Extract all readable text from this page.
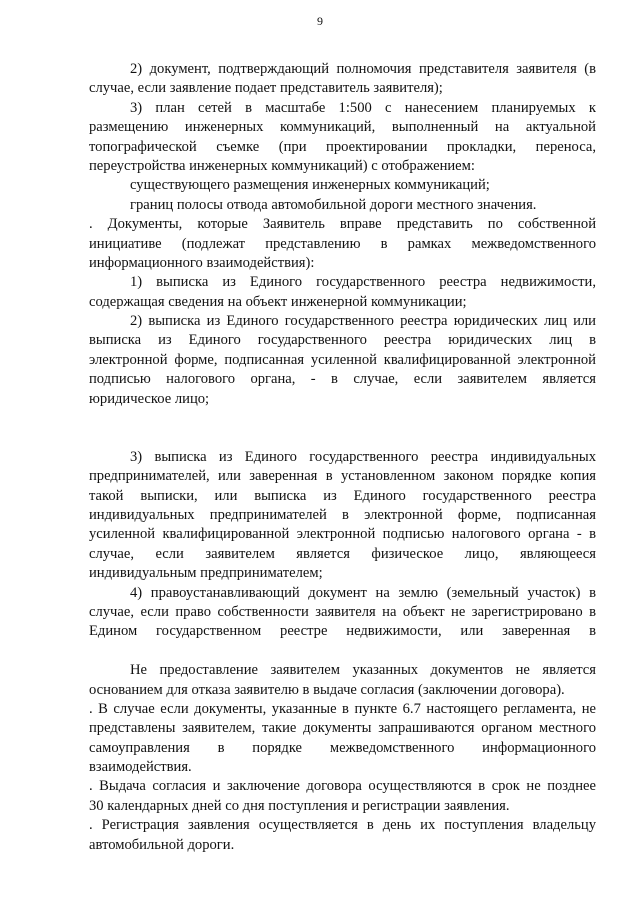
9
2) документ, подтверждающий полномочия представителя заявителя (в
случае, если заявление подает представитель заявителя);
3) план сетей в масштабе 1:500 с нанесением планируемых к
размещению инженерных коммуникаций, выполненный на актуальной
топографической съемке (при проектировании прокладки, переноса,
переустройства инженерных коммуникаций) с отображением:
существующего размещения инженерных коммуникаций;
границ полосы отвода автомобильной дороги местного значения.
. Документы, которые Заявитель вправе представить по собственной
инициативе (подлежат представлению в рамках межведомственного
информационного взаимодействия):
1) выписка из Единого государственного реестра недвижимости,
содержащая сведения на объект инженерной коммуникации;
2) выписка из Единого государственного реестра юридических лиц или
выписка из Единого государственного реестра юридических лиц в
электронной форме, подписанная усиленной квалифицированной электронной
подписью налогового органа, - в случае, если заявителем является
юридическое лицо;
3) выписка из Единого государственного реестра индивидуальных
предпринимателей, или заверенная в установленном законом порядке копия
такой выписки, или выписка из Единого государственного реестра
индивидуальных предпринимателей в электронной форме, подписанная
усиленной квалифицированной электронной подписью налогового органа - в
случае, если заявителем является физическое лицо, являющееся
индивидуальным предпринимателем;
4) правоустанавливающий документ на землю (земельный участок) в
случае, если право собственности заявителя на объект не зарегистрировано в
Едином государственном реестре недвижимости, или заверенная в
Не предоставление заявителем указанных документов не является
основанием для отказа заявителю в выдаче согласия (заключении договора).
. В случае если документы, указанные в пункте 6.7 настоящего регламента, не
представлены заявителем, такие документы запрашиваются органом местного
самоуправления в порядке межведомственного информационного
взаимодействия.
. Выдача согласия и заключение договора осуществляются в срок не позднее
30 календарных дней со дня поступления и регистрации заявления.
. Регистрация заявления осуществляется в день их поступления владельцу
автомобильной дороги.
